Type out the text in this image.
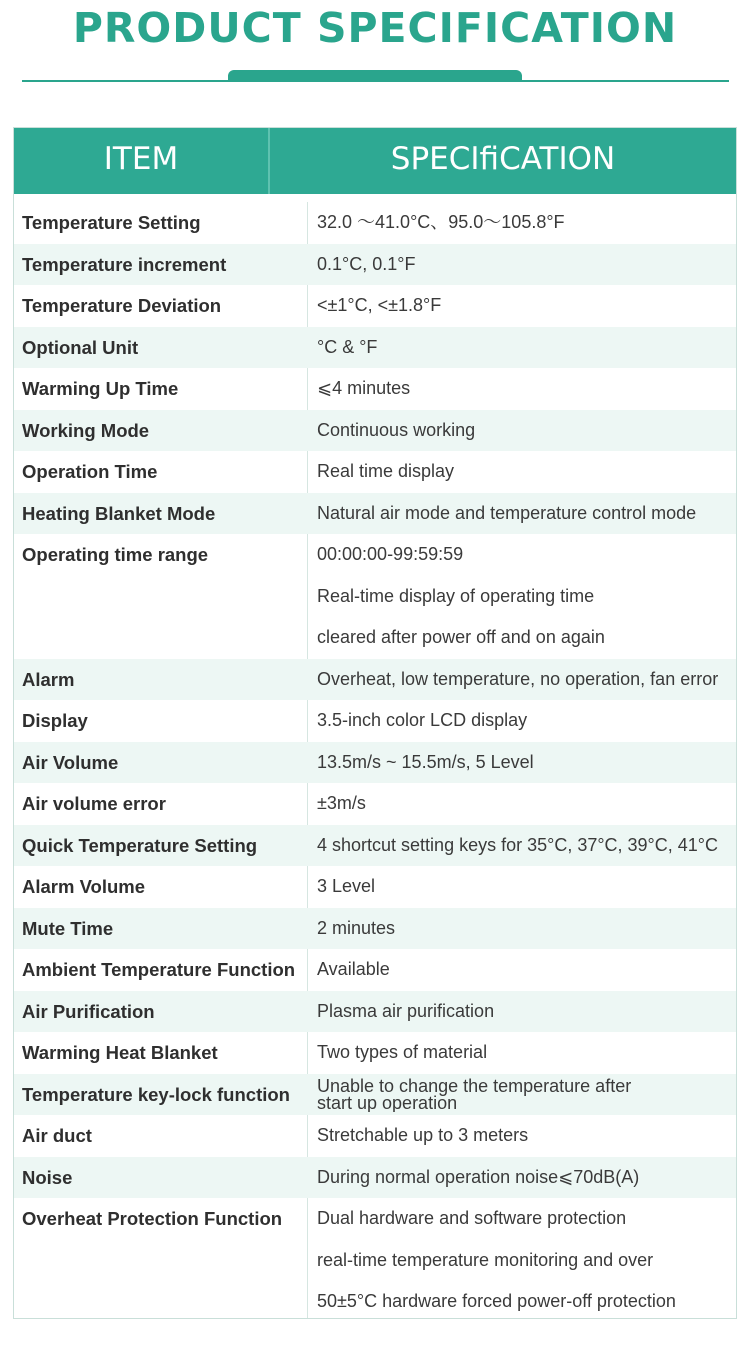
PRODUCT SPECIFICATION
ITEM	SPECIfiCATION
Temperature Setting	32.0 ～41.0°C、95.0～105.8°F
Temperature increment	0.1°C, 0.1°F
Temperature Deviation	<±1°C, <±1.8°F
Optional Unit	°C & °F
Warming Up Time	⩽4 minutes
Working Mode	Continuous working
Operation Time	Real time display
Heating Blanket Mode	Natural air mode and temperature control mode
Operating time range	00:00:00-99:59:59
Real-time display of operating time
cleared after power off and on again
Alarm	Overheat, low temperature, no operation, fan error
Display	3.5-inch color LCD display
Air Volume	13.5m/s ~ 15.5m/s, 5 Level
Air volume error	±3m/s
Quick Temperature Setting	4 shortcut setting keys for 35°C, 37°C, 39°C, 41°C
Alarm Volume	3 Level
Mute Time	2 minutes
Ambient Temperature Function	Available
Air Purification	Plasma air purification
Warming Heat Blanket	Two types of material
Temperature key-lock function	Unable to change the temperature after
start up operation
Air duct	Stretchable up to 3 meters
Noise	During normal operation noise⩽70dB(A)
Overheat Protection Function	Dual hardware and software protection
real-time temperature monitoring and over
50±5°C hardware forced power-off protection
